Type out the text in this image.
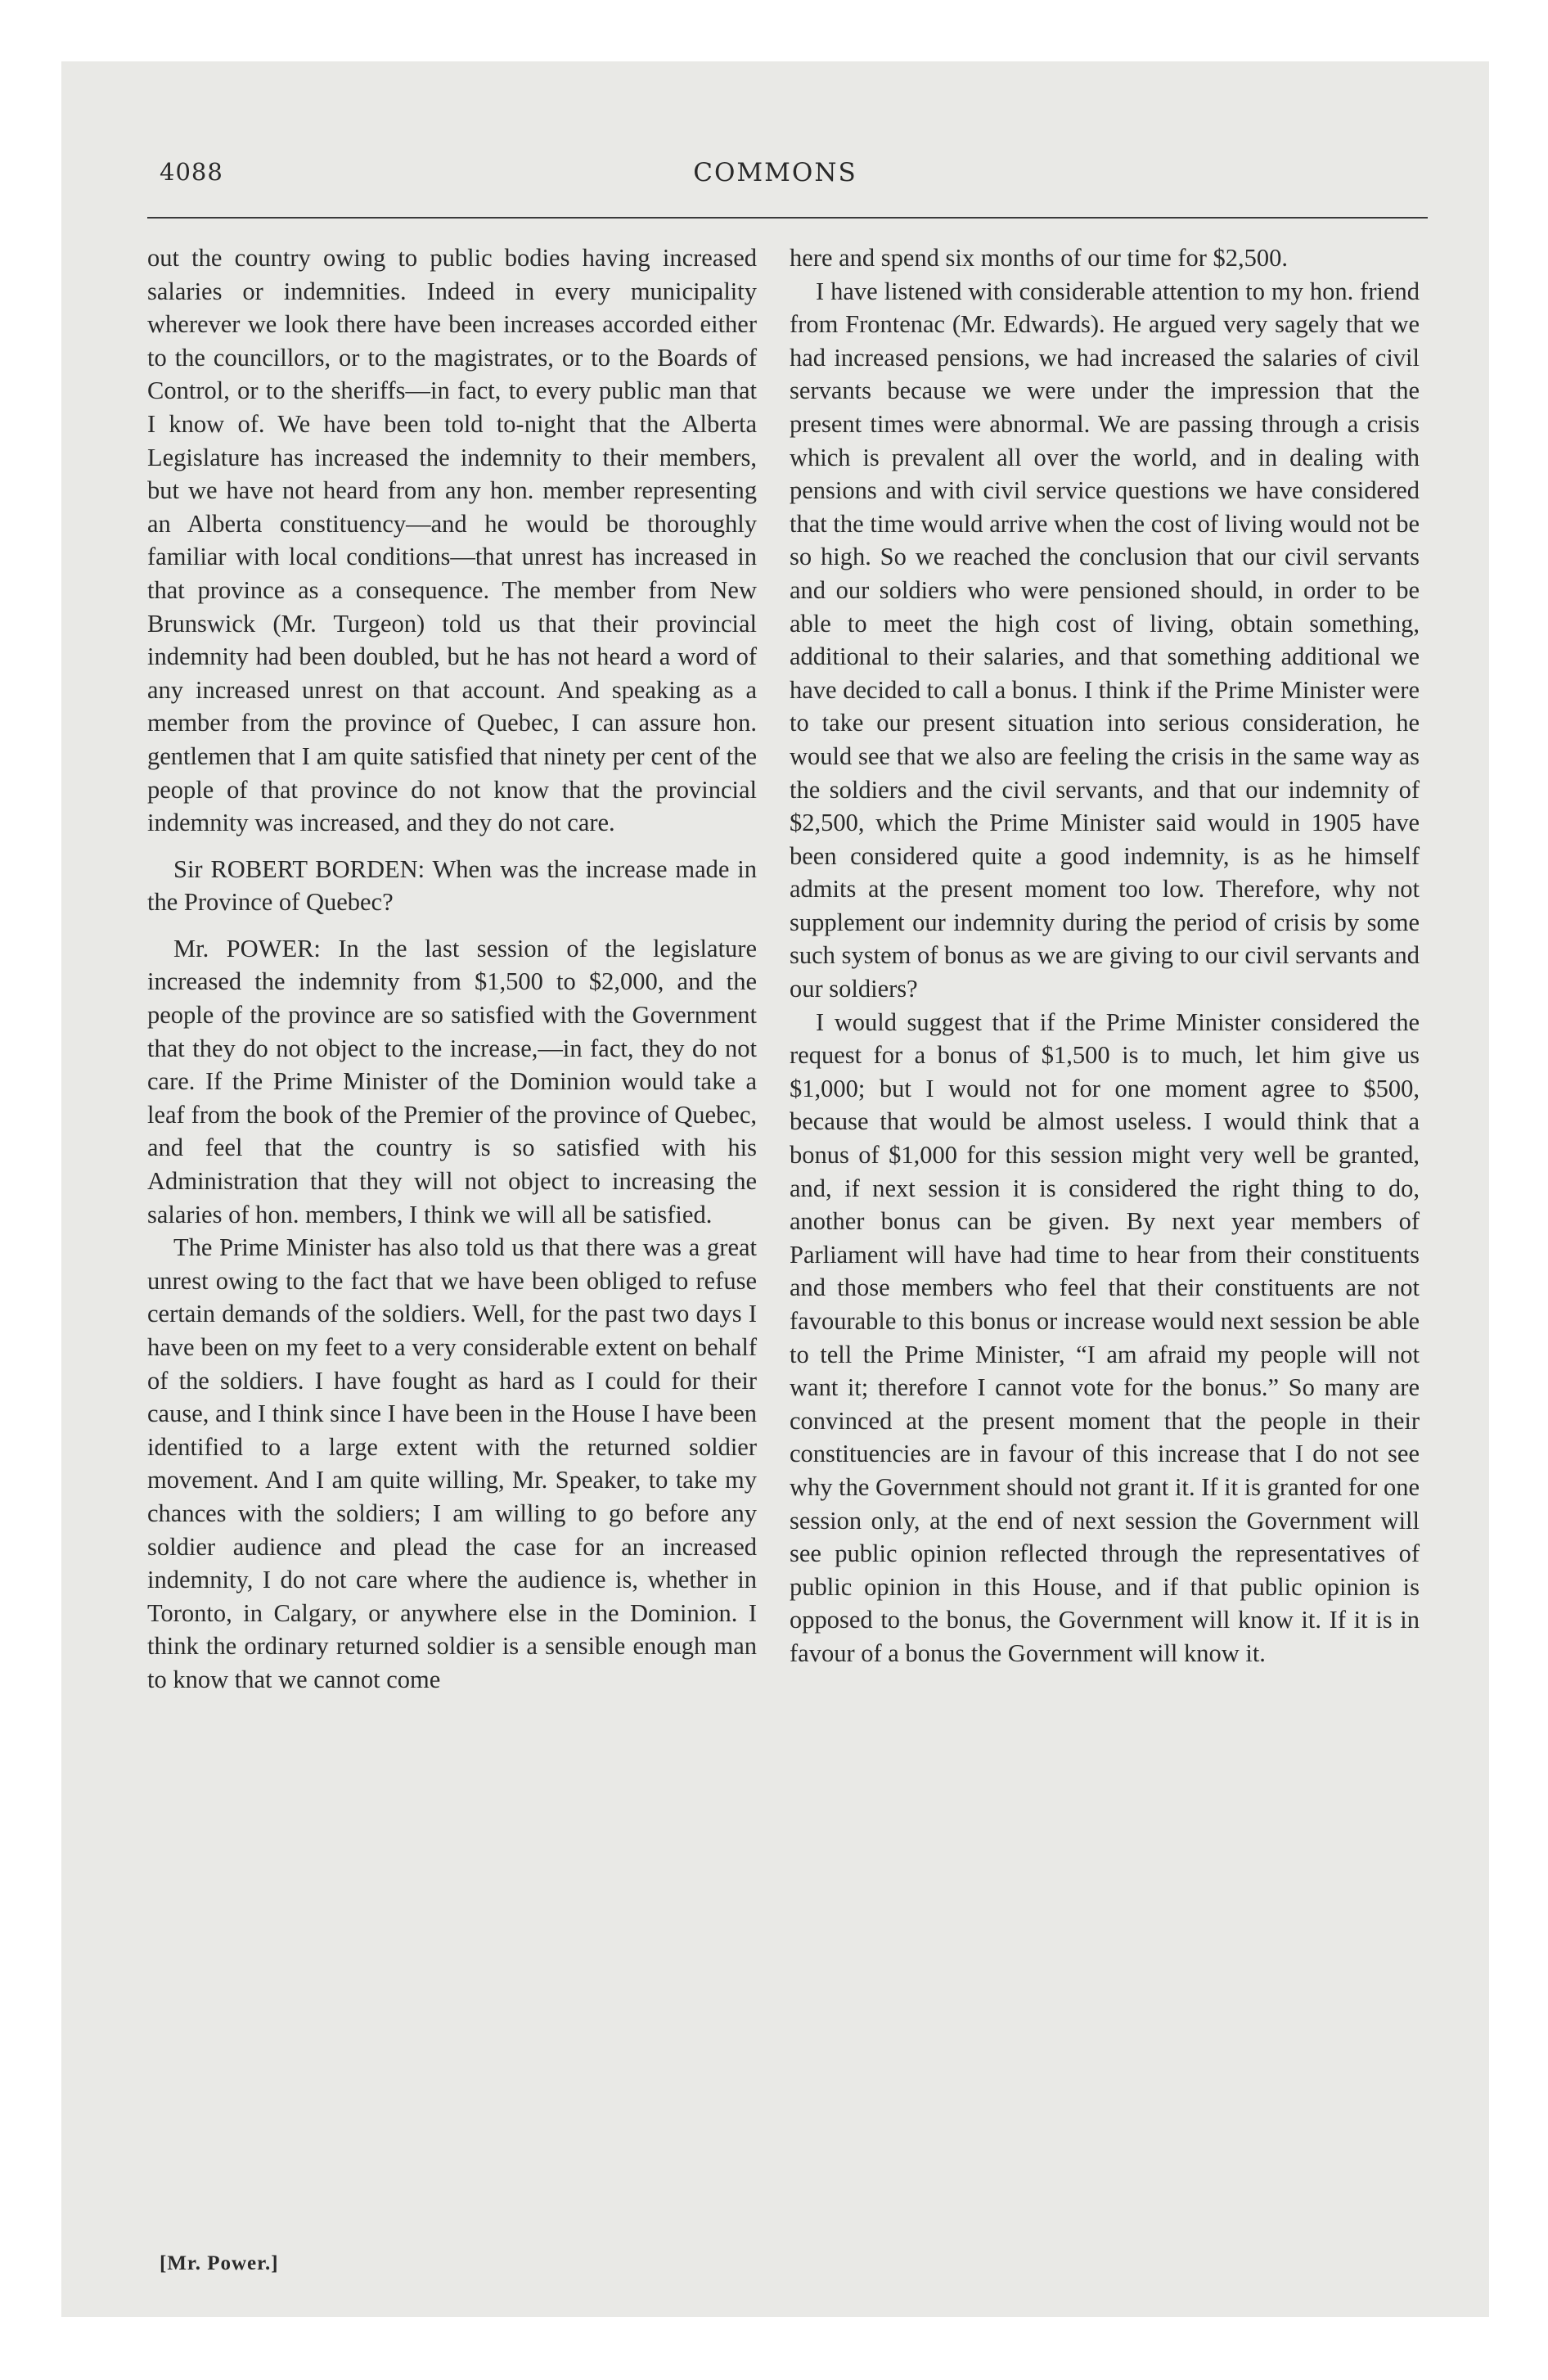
4088	COMMONS

out the country owing to public bodies having increased salaries or indemnities. Indeed in every municipality wherever we look there have been increases accorded either to the councillors, or to the magistrates, or to the Boards of Control, or to the sheriffs—in fact, to every public man that I know of. We have been told to-night that the Alberta Legislature has increased the indemnity to their members, but we have not heard from any hon. member representing an Alberta constituency—and he would be thoroughly familiar with local conditions—that unrest has increased in that province as a consequence. The member from New Brunswick (Mr. Turgeon) told us that their provincial indemnity had been doubled, but he has not heard a word of any increased unrest on that account. And speaking as a member from the province of Quebec, I can assure hon. gentlemen that I am quite satisfied that ninety per cent of the people of that province do not know that the provincial indemnity was increased, and they do not care.

Sir ROBERT BORDEN: When was the increase made in the Province of Quebec?

Mr. POWER: In the last session of the legislature increased the indemnity from $1,500 to $2,000, and the people of the province are so satisfied with the Government that they do not object to the increase,—in fact, they do not care. If the Prime Minister of the Dominion would take a leaf from the book of the Premier of the province of Quebec, and feel that the country is so satisfied with his Administration that they will not object to increasing the salaries of hon. members, I think we will all be satisfied.

The Prime Minister has also told us that there was a great unrest owing to the fact that we have been obliged to refuse certain demands of the soldiers. Well, for the past two days I have been on my feet to a very considerable extent on behalf of the soldiers. I have fought as hard as I could for their cause, and I think since I have been in the House I have been identified to a large extent with the returned soldier movement. And I am quite willing, Mr. Speaker, to take my chances with the soldiers; I am willing to go before any soldier audience and plead the case for an increased indemnity, I do not care where the audience is, whether in Toronto, in Calgary, or anywhere else in the Dominion. I think the ordinary returned soldier is a sensible enough man to know that we cannot come

here and spend six months of our time for $2,500.

I have listened with considerable attention to my hon. friend from Frontenac (Mr. Edwards). He argued very sagely that we had increased pensions, we had increased the salaries of civil servants because we were under the impression that the present times were abnormal. We are passing through a crisis which is prevalent all over the world, and in dealing with pensions and with civil service questions we have considered that the time would arrive when the cost of living would not be so high. So we reached the conclusion that our civil servants and our soldiers who were pensioned should, in order to be able to meet the high cost of living, obtain something, additional to their salaries, and that something additional we have decided to call a bonus. I think if the Prime Minister were to take our present situation into serious consideration, he would see that we also are feeling the crisis in the same way as the soldiers and the civil servants, and that our indemnity of $2,500, which the Prime Minister said would in 1905 have been considered quite a good indemnity, is as he himself admits at the present moment too low. Therefore, why not supplement our indemnity during the period of crisis by some such system of bonus as we are giving to our civil servants and our soldiers?

I would suggest that if the Prime Minister considered the request for a bonus of $1,500 is to much, let him give us $1,000; but I would not for one moment agree to $500, because that would be almost useless. I would think that a bonus of $1,000 for this session might very well be granted, and, if next session it is considered the right thing to do, another bonus can be given. By next year members of Parliament will have had time to hear from their constituents and those members who feel that their constituents are not favourable to this bonus or increase would next session be able to tell the Prime Minister, “I am afraid my people will not want it; therefore I cannot vote for the bonus.” So many are convinced at the present moment that the people in their constituencies are in favour of this increase that I do not see why the Government should not grant it. If it is granted for one session only, at the end of next session the Government will see public opinion reflected through the representatives of public opinion in this House, and if that public opinion is opposed to the bonus, the Government will know it. If it is in favour of a bonus the Government will know it.

[Mr. Power.]
